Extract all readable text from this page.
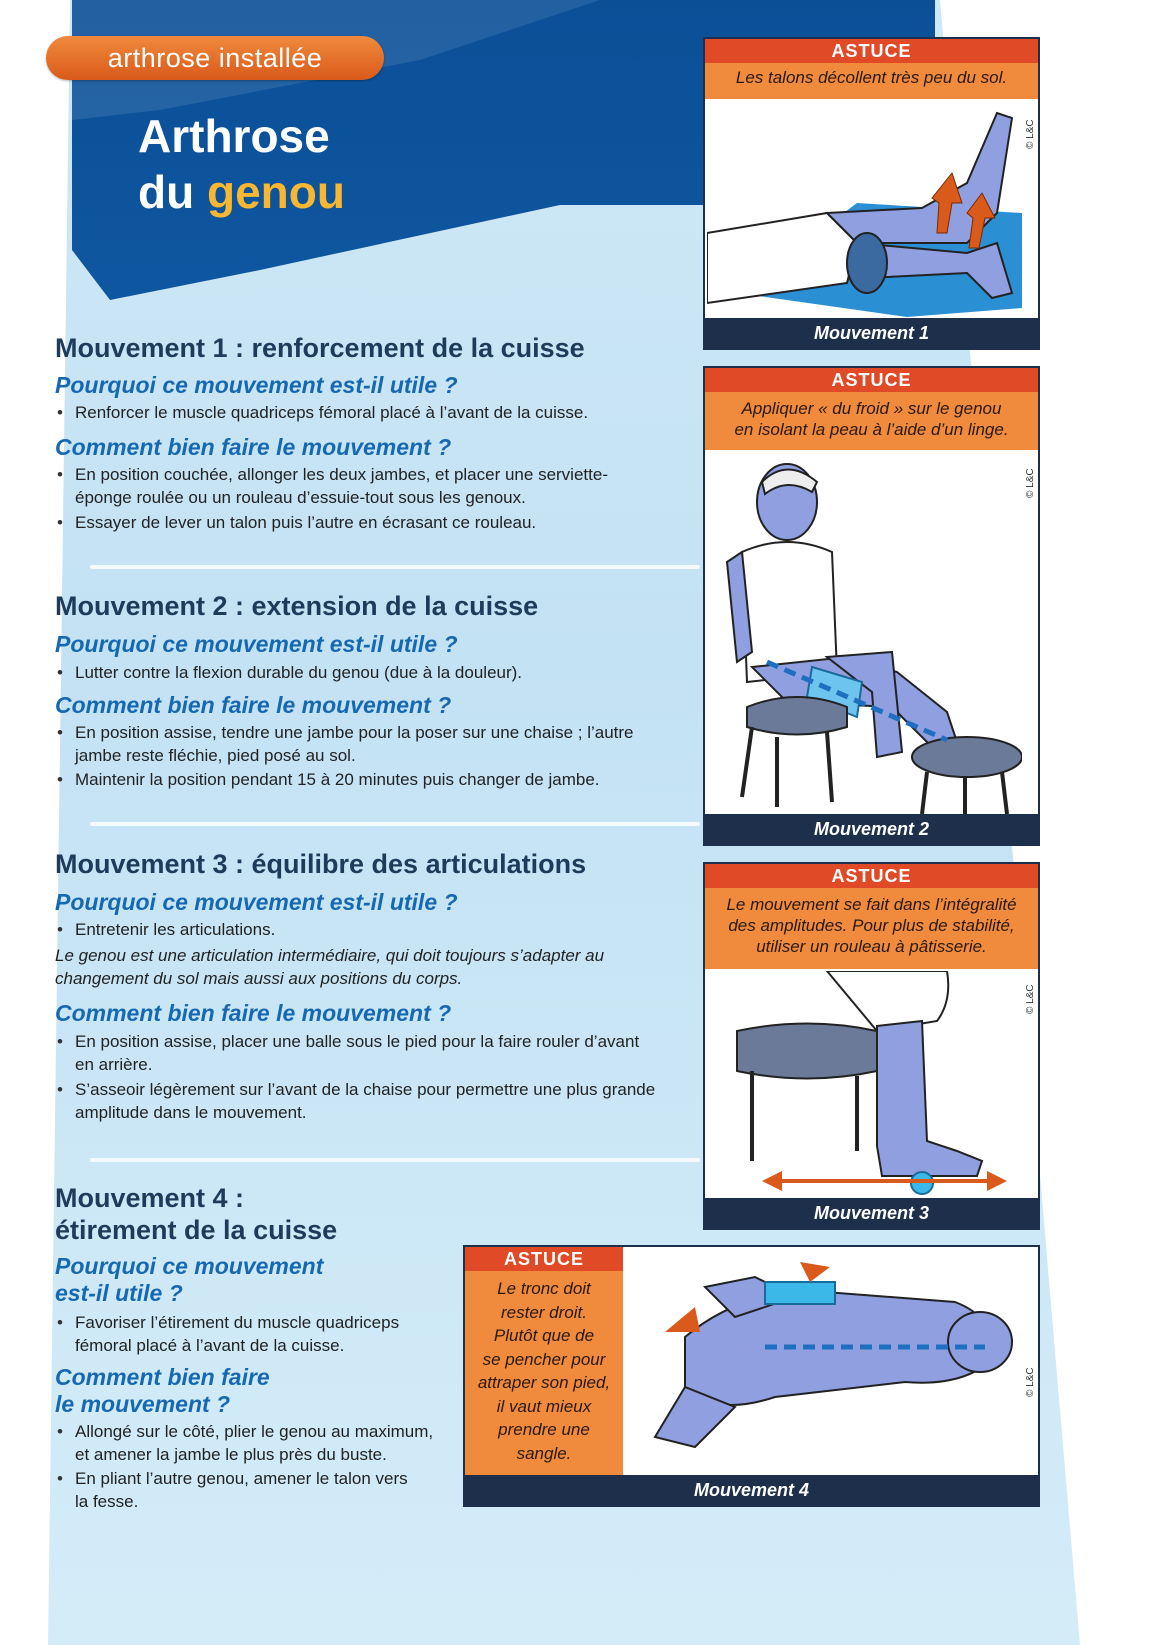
arthrose installée
Arthrose
du genou
Mouvement 1 : renforcement de la cuisse
Pourquoi ce mouvement est-il utile ?
• Renforcer le muscle quadriceps fémoral placé à l’avant de la cuisse.
Comment bien faire le mouvement ?
• En position couchée, allonger les deux jambes, et placer une serviette-
éponge roulée ou un rouleau d’essuie-tout sous les genoux.
• Essayer de lever un talon puis l’autre en écrasant ce rouleau.
Mouvement 2 : extension de la cuisse
Pourquoi ce mouvement est-il utile ?
• Lutter contre la flexion durable du genou (due à la douleur).
Comment bien faire le mouvement ?
• En position assise, tendre une jambe pour la poser sur une chaise ; l’autre
jambe reste fléchie, pied posé au sol.
• Maintenir la position pendant 15 à 20 minutes puis changer de jambe.
Mouvement 3 : équilibre des articulations
Pourquoi ce mouvement est-il utile ?
• Entretenir les articulations.
Le genou est une articulation intermédiaire, qui doit toujours s’adapter au
changement du sol mais aussi aux positions du corps.
Comment bien faire le mouvement ?
• En position assise, placer une balle sous le pied pour la faire rouler d’avant
en arrière.
• S’asseoir légèrement sur l’avant de la chaise pour permettre une plus grande
amplitude dans le mouvement.
Mouvement 4 :
étirement de la cuisse
Pourquoi ce mouvement
est-il utile ?
• Favoriser l’étirement du muscle quadriceps
fémoral placé à l’avant de la cuisse.
Comment bien faire
le mouvement ?
• Allongé sur le côté, plier le genou au maximum,
et amener la jambe le plus près du buste.
• En pliant l’autre genou, amener le talon vers
la fesse.
ASTUCE
Les talons décollent très peu du sol.
© L&C
Mouvement 1
ASTUCE
Appliquer « du froid » sur le genou
en isolant la peau à l’aide d’un linge.
© L&C
Mouvement 2
ASTUCE
Le mouvement se fait dans l’intégralité
des amplitudes. Pour plus de stabilité,
utiliser un rouleau à pâtisserie.
© L&C
Mouvement 3
ASTUCE
Le tronc doit
rester droit.
Plutôt que de
se pencher pour
attraper son pied,
il vaut mieux
prendre une
sangle.
© L&C
Mouvement 4
